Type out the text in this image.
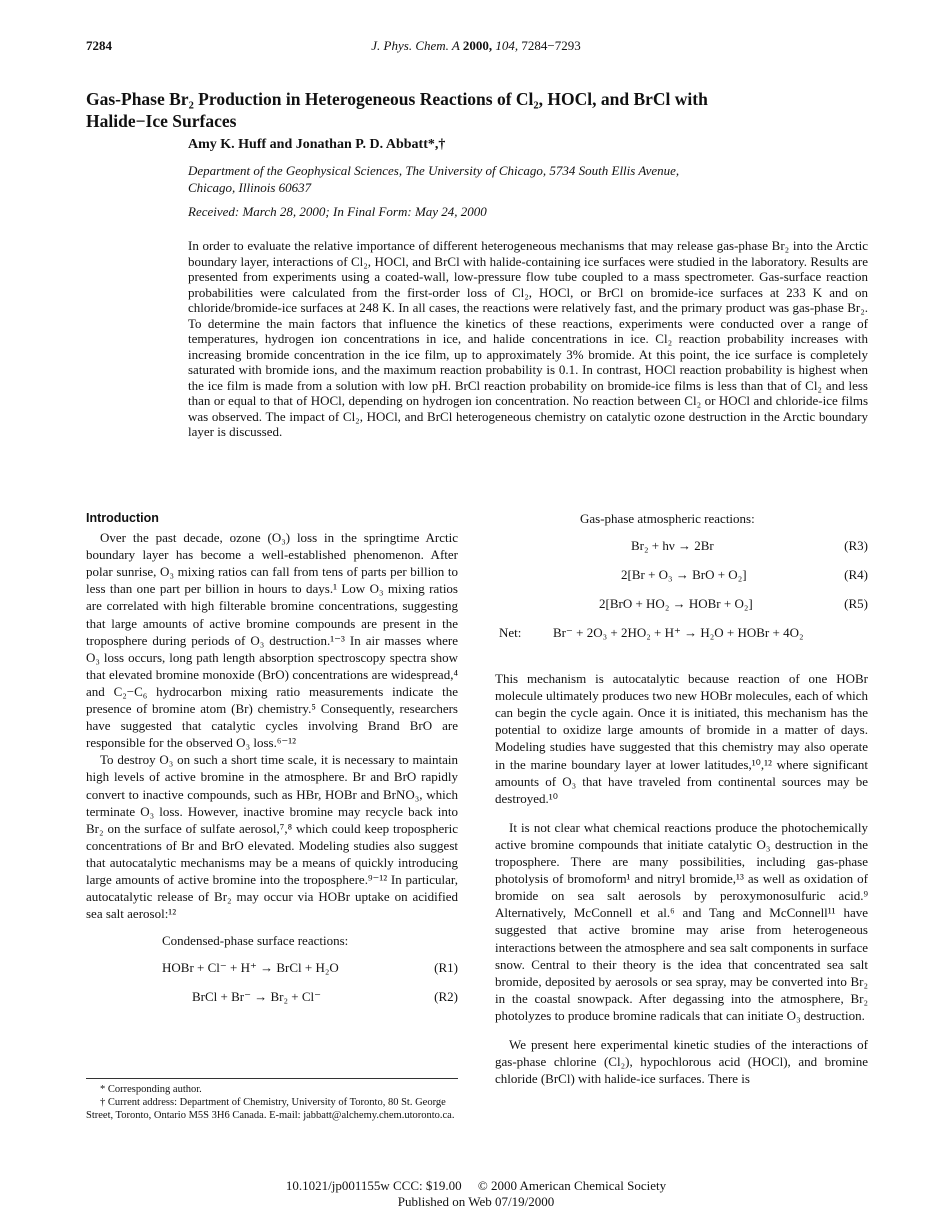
7284	J. Phys. Chem. A 2000, 104, 7284−7293
Gas-Phase Br₂ Production in Heterogeneous Reactions of Cl₂, HOCl, and BrCl with
Halide−Ice Surfaces
Amy K. Huff and Jonathan P. D. Abbatt*,†
Department of the Geophysical Sciences, The University of Chicago, 5734 South Ellis Avenue,
Chicago, Illinois 60637
Received: March 28, 2000; In Final Form: May 24, 2000
In order to evaluate the relative importance of different heterogeneous mechanisms that may release gas-phase Br₂ into the Arctic boundary layer, interactions of Cl₂, HOCl, and BrCl with halide-containing ice surfaces were studied in the laboratory. Results are presented from experiments using a coated-wall, low-pressure flow tube coupled to a mass spectrometer. Gas-surface reaction probabilities were calculated from the first-order loss of Cl₂, HOCl, or BrCl on bromide-ice surfaces at 233 K and on chloride/bromide-ice surfaces at 248 K. In all cases, the reactions were relatively fast, and the primary product was gas-phase Br₂. To determine the main factors that influence the kinetics of these reactions, experiments were conducted over a range of temperatures, hydrogen ion concentrations in ice, and halide concentrations in ice. Cl₂ reaction probability increases with increasing bromide concentration in the ice film, up to approximately 3% bromide. At this point, the ice surface is completely saturated with bromide ions, and the maximum reaction probability is 0.1. In contrast, HOCl reaction probability is highest when the ice film is made from a solution with low pH. BrCl reaction probability on bromide-ice films is less than that of Cl₂ and less than or equal to that of HOCl, depending on hydrogen ion concentration. No reaction between Cl₂ or HOCl and chloride-ice films was observed. The impact of Cl₂, HOCl, and BrCl heterogeneous chemistry on catalytic ozone destruction in the Arctic boundary layer is discussed.
Introduction

Over the past decade, ozone (O₃) loss in the springtime Arctic boundary layer has become a well-established phenomenon. After polar sunrise, O₃ mixing ratios can fall from tens of parts per billion to less than one part per billion in hours to days.¹ Low O₃ mixing ratios are correlated with high filterable bromine concentrations, suggesting that large amounts of active bromine compounds are present in the troposphere during periods of O₃ destruction.¹⁻³ In air masses where O₃ loss occurs, long path length absorption spectroscopy spectra show that elevated bromine monoxide (BrO) concentrations are widespread,⁴ and C₂−C₆ hydrocarbon mixing ratio measurements indicate the presence of bromine atom (Br) chemistry.⁵ Consequently, researchers have suggested that catalytic cycles involving Brand BrO are responsible for the observed O₃ loss.⁶⁻¹²

To destroy O₃ on such a short time scale, it is necessary to maintain high levels of active bromine in the atmosphere. Br and BrO rapidly convert to inactive compounds, such as HBr, HOBr and BrNO₃, which terminate O₃ loss. However, inactive bromine may recycle back into Br₂ on the surface of sulfate aerosol,⁷,⁸ which could keep tropospheric concentrations of Br and BrO elevated. Modeling studies also suggest that autocatalytic mechanisms may be a means of quickly introducing large amounts of active bromine into the troposphere.⁹⁻¹² In particular, autocatalytic release of Br₂ may occur via HOBr uptake on acidified sea salt aerosol:¹²

Condensed-phase surface reactions:
HOBr + Cl⁻ + H⁺ → BrCl + H₂O	(R1)
BrCl + Br⁻ → Br₂ + Cl⁻	(R2)
* Corresponding author.
† Current address: Department of Chemistry, University of Toronto, 80 St. George Street, Toronto, Ontario M5S 3H6 Canada. E-mail: jabbatt@alchemy.chem.utoronto.ca.
Gas-phase atmospheric reactions:
Br₂ + hν → 2Br	(R3)
2[Br + O₃ → BrO + O₂]	(R4)
2[BrO + HO₂ → HOBr + O₂]	(R5)
Net: Br⁻ + 2O₃ + 2HO₂ + H⁺ → H₂O + HOBr + 4O₂

This mechanism is autocatalytic because reaction of one HOBr molecule ultimately produces two new HOBr molecules, each of which can begin the cycle again. Once it is initiated, this mechanism has the potential to oxidize large amounts of bromide in a matter of days. Modeling studies have suggested that this chemistry may also operate in the marine boundary layer at lower latitudes,¹⁰,¹² where significant amounts of O₃ that have traveled from continental sources may be destroyed.¹⁰

It is not clear what chemical reactions produce the photochemically active bromine compounds that initiate catalytic O₃ destruction in the troposphere. There are many possibilities, including gas-phase photolysis of bromoform¹ and nitryl bromide,¹³ as well as oxidation of bromide on sea salt aerosols by peroxymonosulfuric acid.⁹ Alternatively, McConnell et al.⁶ and Tang and McConnell¹¹ have suggested that active bromine may arise from heterogeneous interactions between the atmosphere and sea salt components in surface snow. Central to their theory is the idea that concentrated sea salt bromide, deposited by aerosols or sea spray, may be converted into Br₂ in the coastal snowpack. After degassing into the atmosphere, Br₂ photolyzes to produce bromine radicals that can initiate O₃ destruction.

We present here experimental kinetic studies of the interactions of gas-phase chlorine (Cl₂), hypochlorous acid (HOCl), and bromine chloride (BrCl) with halide-ice surfaces. There is

10.1021/jp001155w CCC: $19.00     © 2000 American Chemical Society
Published on Web 07/19/2000
